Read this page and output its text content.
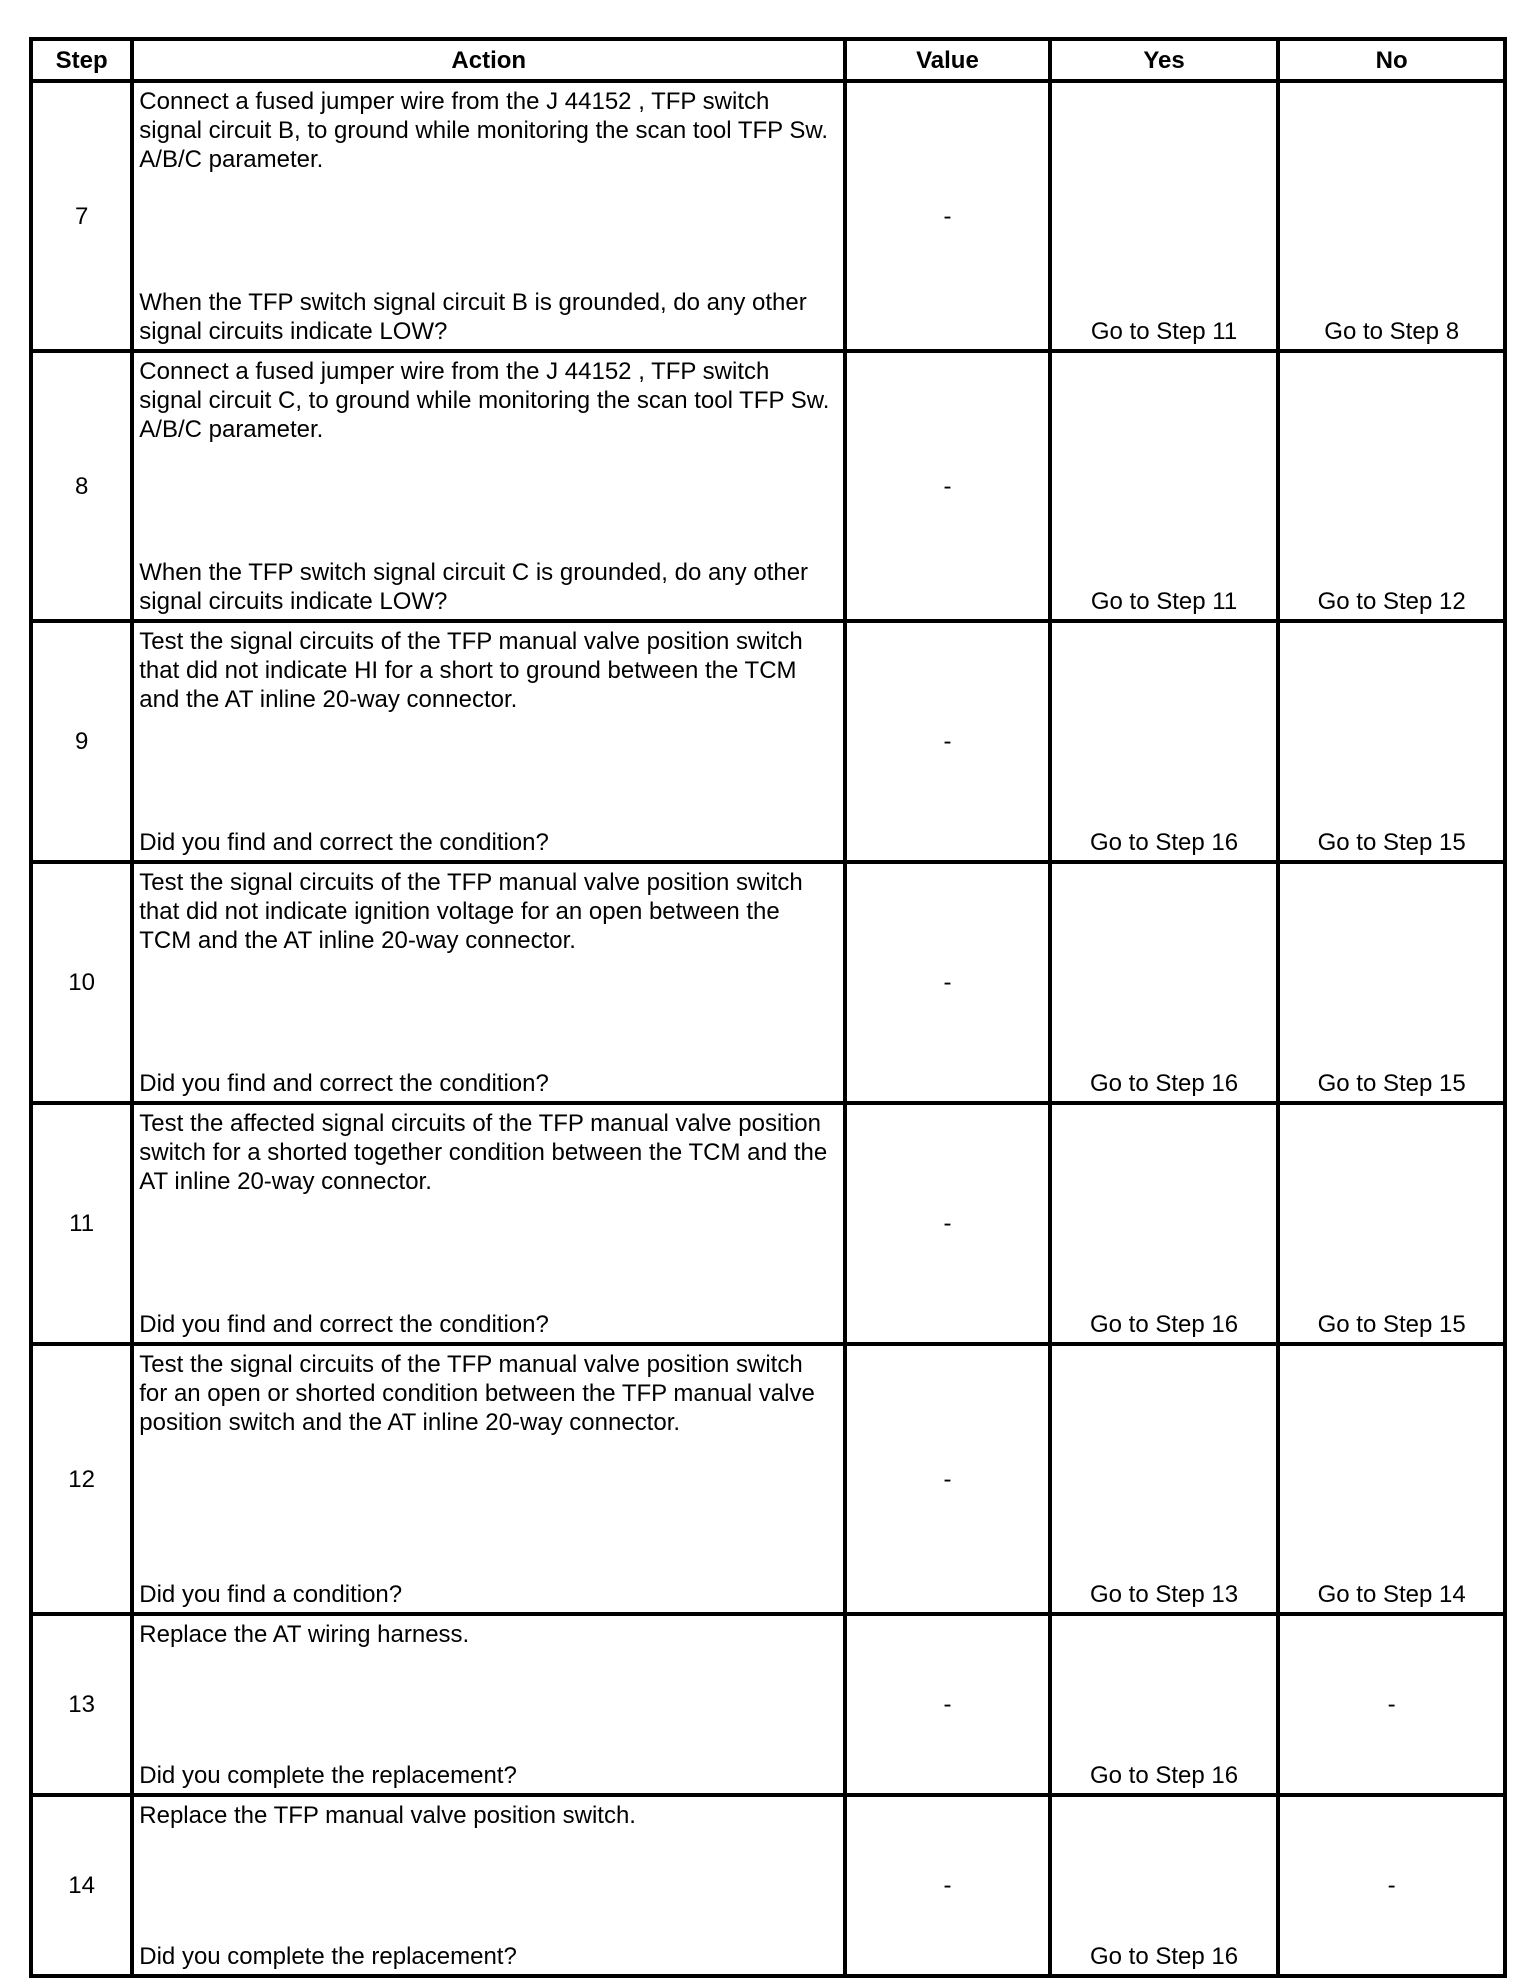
Step	Action	Value	Yes	No
7	Connect a fused jumper wire from the J 44152 , TFP switch signal circuit B, to ground while monitoring the scan tool TFP Sw. A/B/C parameter.
When the TFP switch signal circuit B is grounded, do any other signal circuits indicate LOW?	-	Go to Step 11	Go to Step 8
8	Connect a fused jumper wire from the J 44152 , TFP switch signal circuit C, to ground while monitoring the scan tool TFP Sw. A/B/C parameter.
When the TFP switch signal circuit C is grounded, do any other signal circuits indicate LOW?	-	Go to Step 11	Go to Step 12
9	Test the signal circuits of the TFP manual valve position switch that did not indicate HI for a short to ground between the TCM and the AT inline 20-way connector.
Did you find and correct the condition?	-	Go to Step 16	Go to Step 15
10	Test the signal circuits of the TFP manual valve position switch that did not indicate ignition voltage for an open between the TCM and the AT inline 20-way connector.
Did you find and correct the condition?	-	Go to Step 16	Go to Step 15
11	Test the affected signal circuits of the TFP manual valve position switch for a shorted together condition between the TCM and the AT inline 20-way connector.
Did you find and correct the condition?	-	Go to Step 16	Go to Step 15
12	Test the signal circuits of the TFP manual valve position switch for an open or shorted condition between the TFP manual valve position switch and the AT inline 20-way connector.
Did you find a condition?	-	Go to Step 13	Go to Step 14
13	Replace the AT wiring harness.
Did you complete the replacement?	-	Go to Step 16	-
14	Replace the TFP manual valve position switch.
Did you complete the replacement?	-	Go to Step 16	-
